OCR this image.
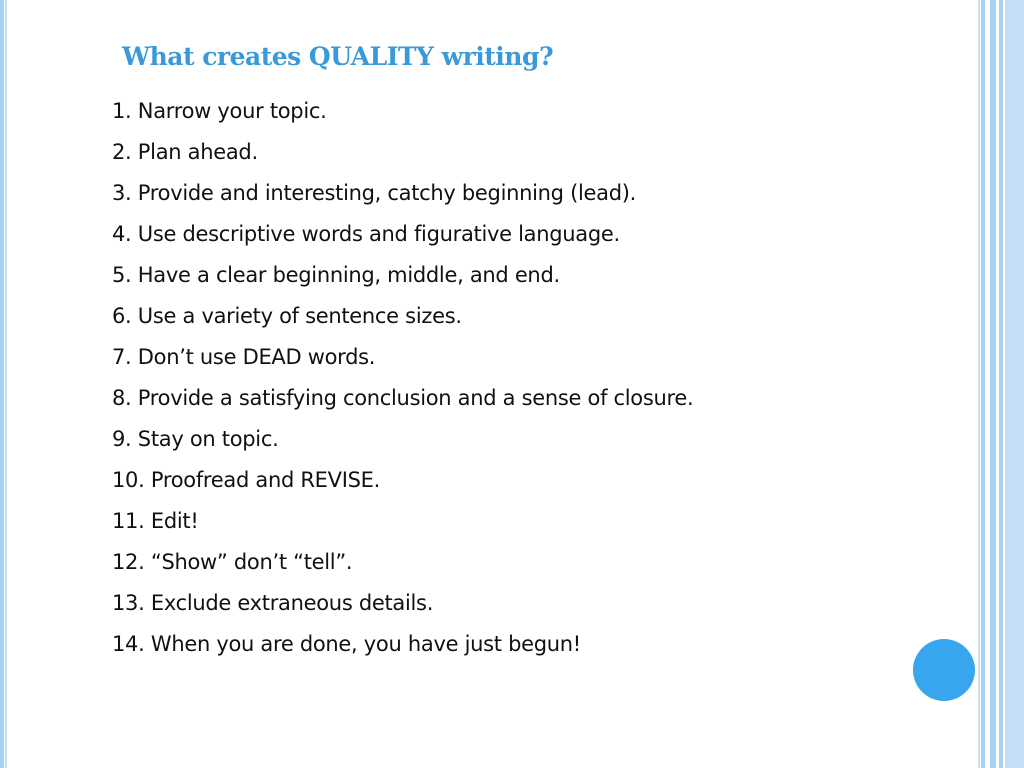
What creates QUALITY writing?
1. Narrow your topic.
2. Plan ahead.
3. Provide and interesting, catchy beginning (lead).
4. Use descriptive words and figurative language.
5. Have a clear beginning, middle, and end.
6. Use a variety of sentence sizes.
7. Don’t use DEAD words.
8. Provide a satisfying conclusion and a sense of closure.
9. Stay on topic.
10. Proofread and REVISE.
11. Edit!
12. “Show” don’t “tell”.
13. Exclude extraneous details.
14. When you are done, you have just begun!
